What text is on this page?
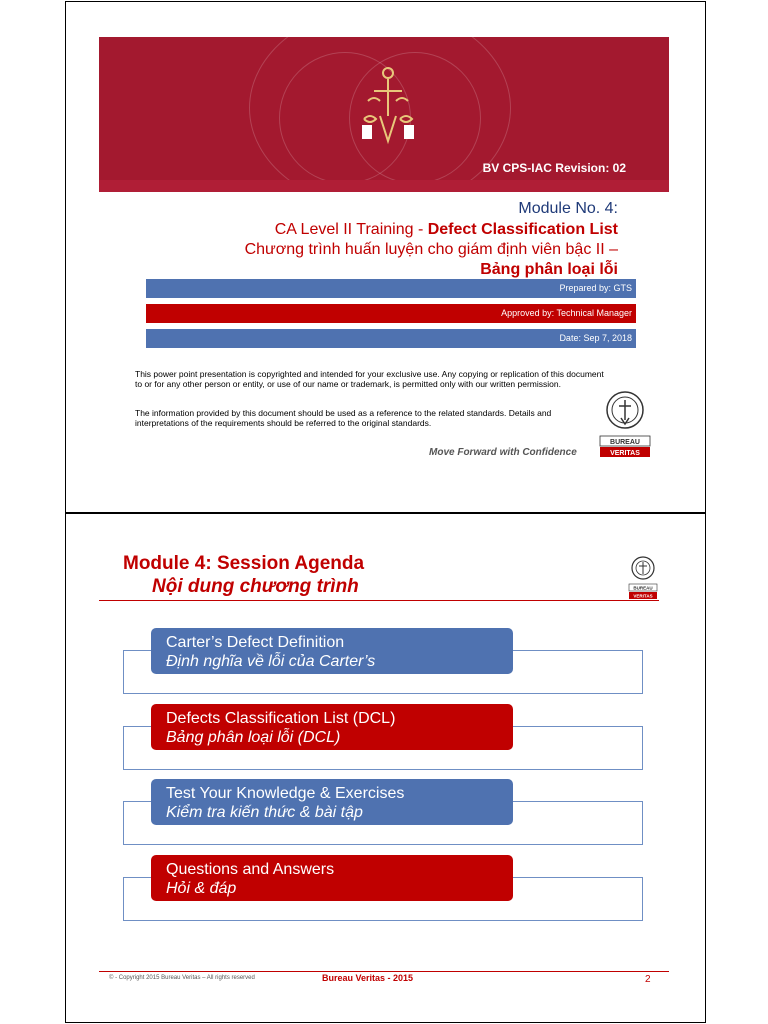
BV CPS-IAC Revision: 02
Module No. 4:
CA Level II Training - Defect Classification List
Chương trình huấn luyện cho giám định viên bậc II –
Bảng phân loại lỗi
Prepared by: GTS
Approved by: Technical Manager
Date: Sep 7, 2018
This power point presentation is copyrighted and intended for your exclusive use. Any copying or replication of this document to or for any other person or entity, or use of our name or trademark, is permitted only with our written permission.
The information provided by this document should be used as a reference to the related standards. Details and interpretations of the requirements should be referred to the original standards.
Move Forward with Confidence
BUREAU
VERITAS
Module 4: Session Agenda
Nội dung chương trình	BUREAU
VERITAS
Carter’s Defect Definition
Định nghĩa về lỗi của Carter’s
Defects Classification List (DCL)
Bảng phân loại lỗi (DCL)
Test Your Knowledge & Exercises
Kiểm tra kiến thức & bài tập
Questions and Answers
Hỏi & đáp
© - Copyright 2015 Bureau Veritas – All rights reserved	Bureau Veritas - 2015	2
